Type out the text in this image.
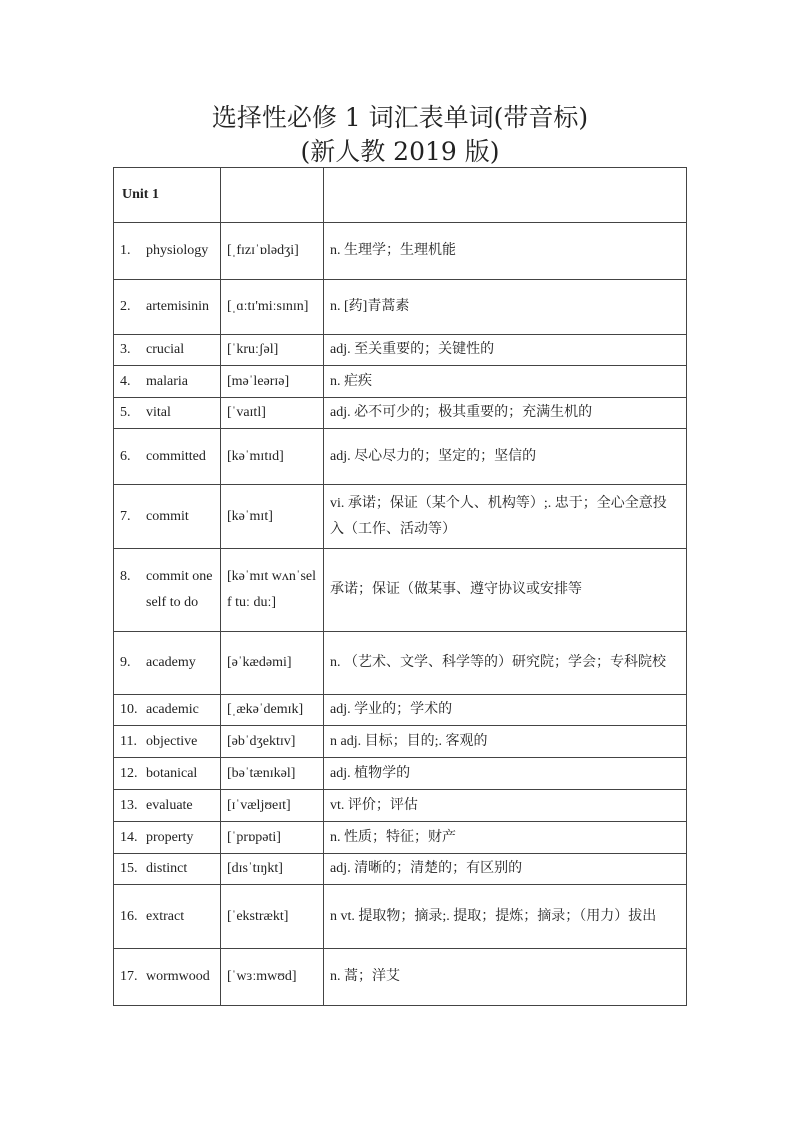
选择性必修 1 词汇表单词(带音标)
(新人教 2019 版)
Unit 1		

1. physiology	[ˌfɪzɪˈɒlədʒi]	n. 生理学；生理机能

2. artemisinin	[ˌɑːtɪ'miːsɪnɪn]	n. [药]青蒿素

3. crucial	[ˈkruːʃəl]	adj. 至关重要的；关键性的

4. malaria	[məˈleərɪə]	n. 疟疾

5. vital	[ˈvaɪtl]	adj. 必不可少的；极其重要的；充满生机的

6. committed	[kəˈmɪtɪd]	adj. 尽心尽力的；坚定的；坚信的

7. commit	[kəˈmɪt]	vi. 承诺；保证（某个人、机构等）;. 忠于；全心全意投入（工作、活动等）

8. commit oneself to do	[kəˈmɪt wʌnˈself tuː duː]	承诺；保证（做某事、遵守协议或安排等

9. academy	[əˈkædəmi]	n. （艺术、文学、科学等的）研究院；学会；专科院校

10. academic	[ˌækəˈdemɪk]	adj. 学业的；学术的

11. objective	[əbˈdʒektɪv]	n adj. 目标；目的;. 客观的

12. botanical	[bəˈtænɪkəl]	adj. 植物学的

13. evaluate	[ɪˈvæljʊeɪt]	vt. 评价；评估

14. property	[ˈprɒpəti]	n. 性质；特征；财产

15. distinct	[dɪsˈtɪŋkt]	adj. 清晰的；清楚的；有区别的

16. extract	[ˈekstrækt]	n vt. 提取物；摘录;. 提取；提炼；摘录；（用力）拔出

17. wormwood	[ˈwɜːmwʊd]	n. 蒿；洋艾
